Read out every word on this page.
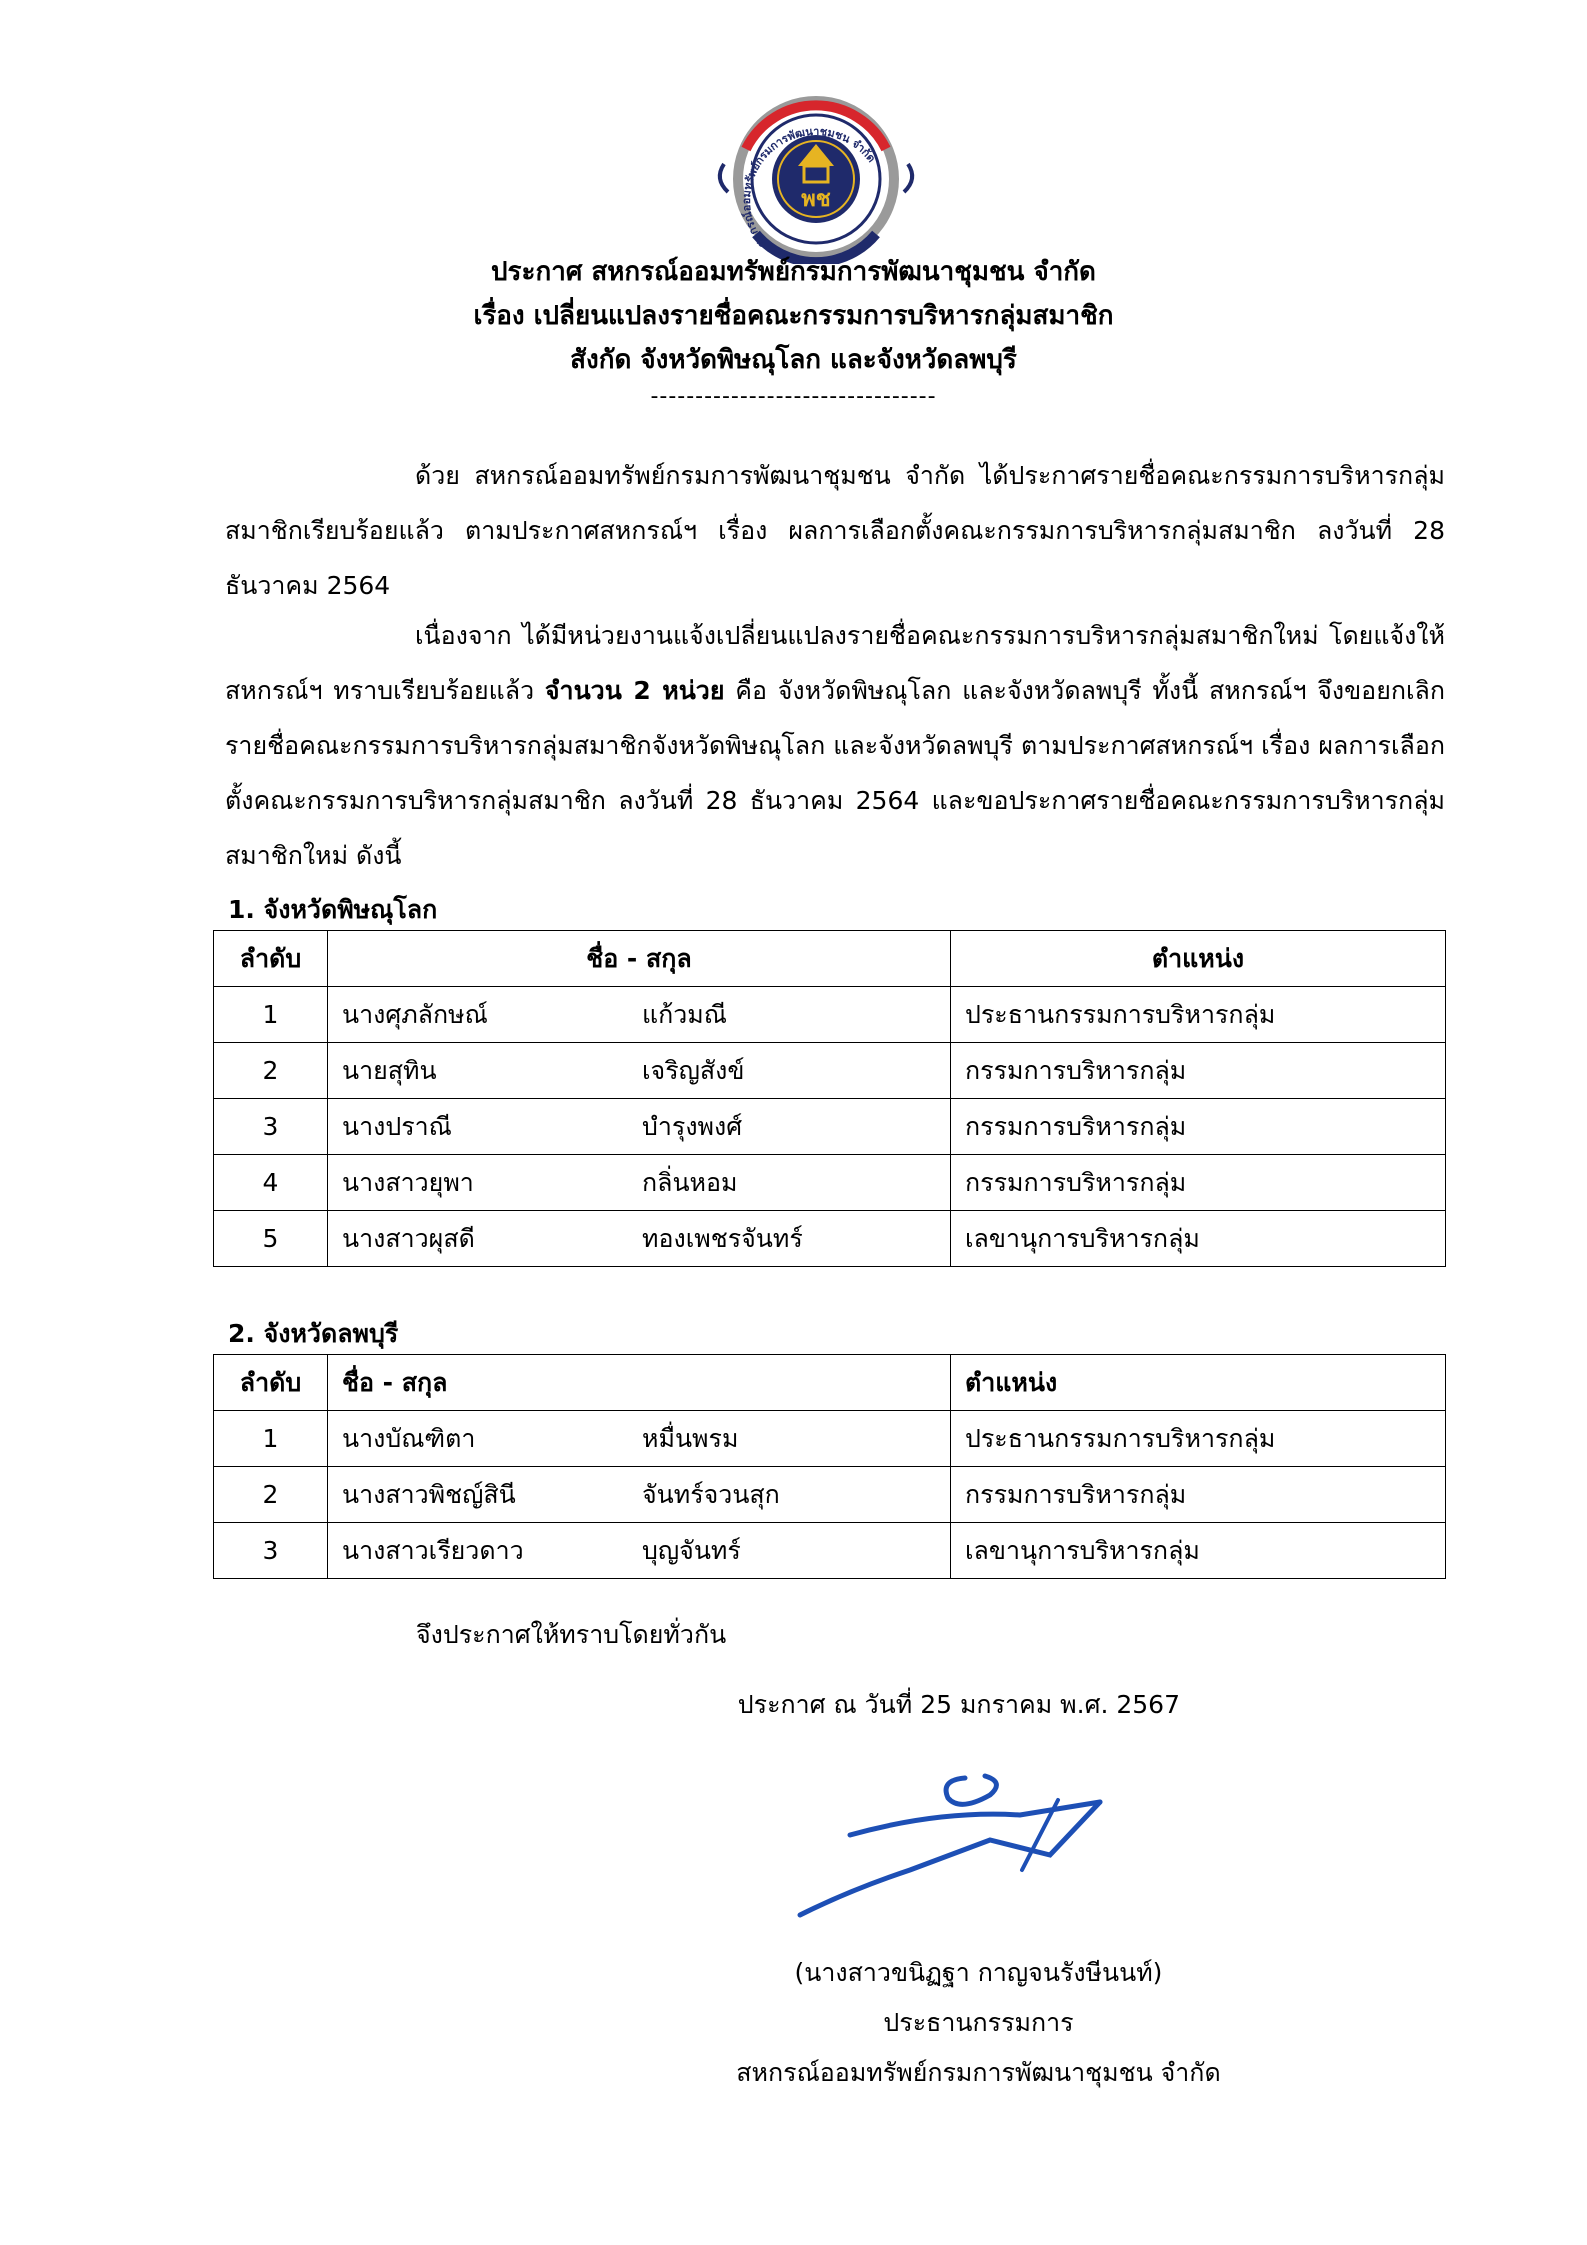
พช
สหกรณ์ออมทรัพย์กรมการพัฒนาชุมชน จำกัด
ประกาศ สหกรณ์ออมทรัพย์กรมการพัฒนาชุมชน จำกัด
เรื่อง เปลี่ยนแปลงรายชื่อคณะกรรมการบริหารกลุ่มสมาชิก
สังกัด จังหวัดพิษณุโลก และจังหวัดลพบุรี
--------------------------------

ด้วย สหกรณ์ออมทรัพย์กรมการพัฒนาชุมชน จำกัด ได้ประกาศรายชื่อคณะกรรมการบริหารกลุ่มสมาชิกเรียบร้อยแล้ว ตามประกาศสหกรณ์ฯ เรื่อง ผลการเลือกตั้งคณะกรรมการบริหารกลุ่มสมาชิก ลงวันที่ 28 ธันวาคม 2564

เนื่องจาก ได้มีหน่วยงานแจ้งเปลี่ยนแปลงรายชื่อคณะกรรมการบริหารกลุ่มสมาชิกใหม่ โดยแจ้งให้สหกรณ์ฯ ทราบเรียบร้อยแล้ว จำนวน 2 หน่วย คือ จังหวัดพิษณุโลก และจังหวัดลพบุรี ทั้งนี้ สหกรณ์ฯ จึงขอยกเลิกรายชื่อคณะกรรมการบริหารกลุ่มสมาชิกจังหวัดพิษณุโลก และจังหวัดลพบุรี ตามประกาศสหกรณ์ฯ เรื่อง ผลการเลือกตั้งคณะกรรมการบริหารกลุ่มสมาชิก ลงวันที่ 28 ธันวาคม 2564 และขอประกาศรายชื่อคณะกรรมการบริหารกลุ่มสมาชิกใหม่ ดังนี้

1. จังหวัดพิษณุโลก
ลำดับ	ชื่อ - สกุล	ตำแหน่ง
1	นางศุภลักษณ์ แก้วมณี	ประธานกรรมการบริหารกลุ่ม
2	นายสุทิน เจริญสังข์	กรรมการบริหารกลุ่ม
3	นางปราณี บำรุงพงศ์	กรรมการบริหารกลุ่ม
4	นางสาวยุพา กลิ่นหอม	กรรมการบริหารกลุ่ม
5	นางสาวผุสดี ทองเพชรจันทร์	เลขานุการบริหารกลุ่ม
2. จังหวัดลพบุรี
ลำดับ	ชื่อ - สกุล	ตำแหน่ง
1	นางบัณฑิตา หมื่นพรม	ประธานกรรมการบริหารกลุ่ม
2	นางสาวพิชญ์สินี จันทร์จวนสุก	กรรมการบริหารกลุ่ม
3	นางสาวเรียวดาว บุญจันทร์	เลขานุการบริหารกลุ่ม
จึงประกาศให้ทราบโดยทั่วกัน
ประกาศ ณ วันที่ 25 มกราคม พ.ศ. 2567
(นางสาวขนิฏฐา กาญจนรังษีนนท์)
ประธานกรรมการ
สหกรณ์ออมทรัพย์กรมการพัฒนาชุมชน จำกัด
